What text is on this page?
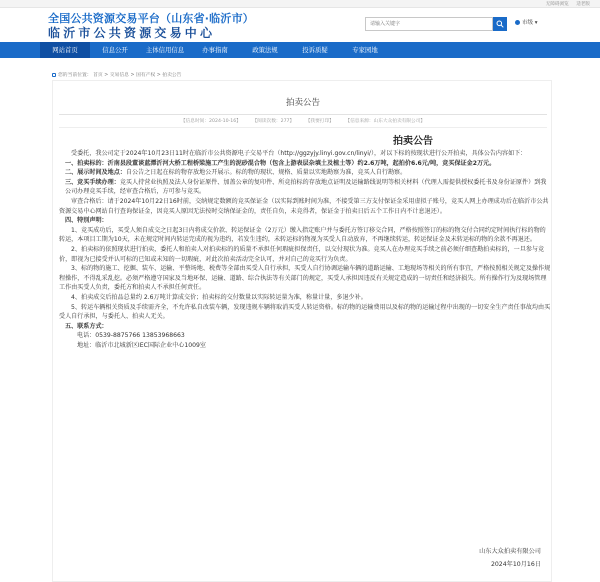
无障碍浏览 适老版
全国公共资源交易平台（山东省·临沂市）
临沂市公共资源交易中心
请输入关键字
市级 ▾
网站首页	信息公开	主体信用信息	办事指南	政策法规	投诉质疑	专家园地
您的当前位置： 首页 > 交易信息 > 国有产权 > 拍卖公告
拍卖公告
【信息时间：2024-10-16】 【阅读次数：277】 【我要打印】 【信息来源：山东大众拍卖有限公司】
拍卖公告

受委托，我公司定于2024年10月23日11时在临沂市公共资源电子交易平台（http://ggzyjy.linyi.gov.cn/linyi/），对以下标的按现状进行公开拍卖，具体公告内容如下：

一、拍卖标的：沂南县段董谈蓝潭沂河大桥工程桥梁施工产生的泥砂混合物（包含上游表层杂填土及植土等）约2.6万吨，起拍价6.6元/吨，竞买保证金2万元。

二、展示时间及地点：自公告之日起在标的物存放地公开展示。标的物的现状、规格、质量以实地勘察为准，竞买人自行勘察。

三、竞买手续办理：竞买人持营业执照及法人身份证原件、加盖公章的复印件、所竞拍标的存放地点证明及运输路线说明等相关材料（代理人需提供授权委托书及身份证原件）到我公司办理竞买手续，经审查合格后，方可参与竞买。

审查合格后：请于2024年10月22日16时前，交纳规定数额的竞买保证金（以实际到账时间为准，不接受第三方支付保证金采用虚拟子账号，竞买人网上办理成功后在临沂市公共资源交易中心网站自行查询保证金，因竞买人原因无法按时交纳保证金的，责任自负，未竞得者，保证金于拍卖日后五个工作日内不计息退还）。

四、特别声明：

1、竞买成功后，买受人须自成交之日起3日内将成交价款、转运保证金（2万元）缴入指定账户并与委托方签订移交合同，严格按照签订的标的物交付合同约定时间执行标的物的转运，本项目工期为10天，未在规定时间内转运完成的视为违约，若发生违约，未转运标的物视为买受人自动放弃，不再继续转运，转运保证金及未转运标的物的余款不再退还。

2、拍卖标的依照现状进行拍卖，委托人和拍卖人对拍卖标的的质量不承担任何瑕疵担保责任，以交付现状为准。竞买人在办理竞买手续之前必须仔细查勘拍卖标的，一旦参与竞价，即视为已接受并认可标的已知或未知的一切瑕疵，对此次拍卖活动完全认可，并对自己的竞买行为负责。

3、标的物的施工、挖掘、装车、运输、平整场地、税费等全部由买受人自行承担，买受人自行协调运输车辆的道路运输、工地现场等相关的所有事宜，严格按照相关规定及操作规程操作，不得乱采乱挖。必须严格遵守国家及当地环保、运输、道路、综合执法等有关部门的规定，买受人承担因违反有关规定造成的一切责任和经济损失。所有操作行为及现场管理工作由买受人负责，委托方和拍卖人不承担任何责任。

4、拍卖成交后拍品总量约 2.6万吨计算成交价；拍卖标的交付数量以实际转运量为准，称量计量，多退少补。

5、转运车辆相关资质及手续需齐全，不允许私自改装车辆，发现违规车辆将取消买受人转运资格。标的物的运输费用以及标的物的运输过程中出现的一切安全生产责任事故均由买受人自行承担，与委托人、拍卖人无关。

五、联系方式：

电话：0539-8875766 13853968663

地址：临沂市北城新区IEC国际企业中心1009室

山东大众拍卖有限公司
2024年10月16日
